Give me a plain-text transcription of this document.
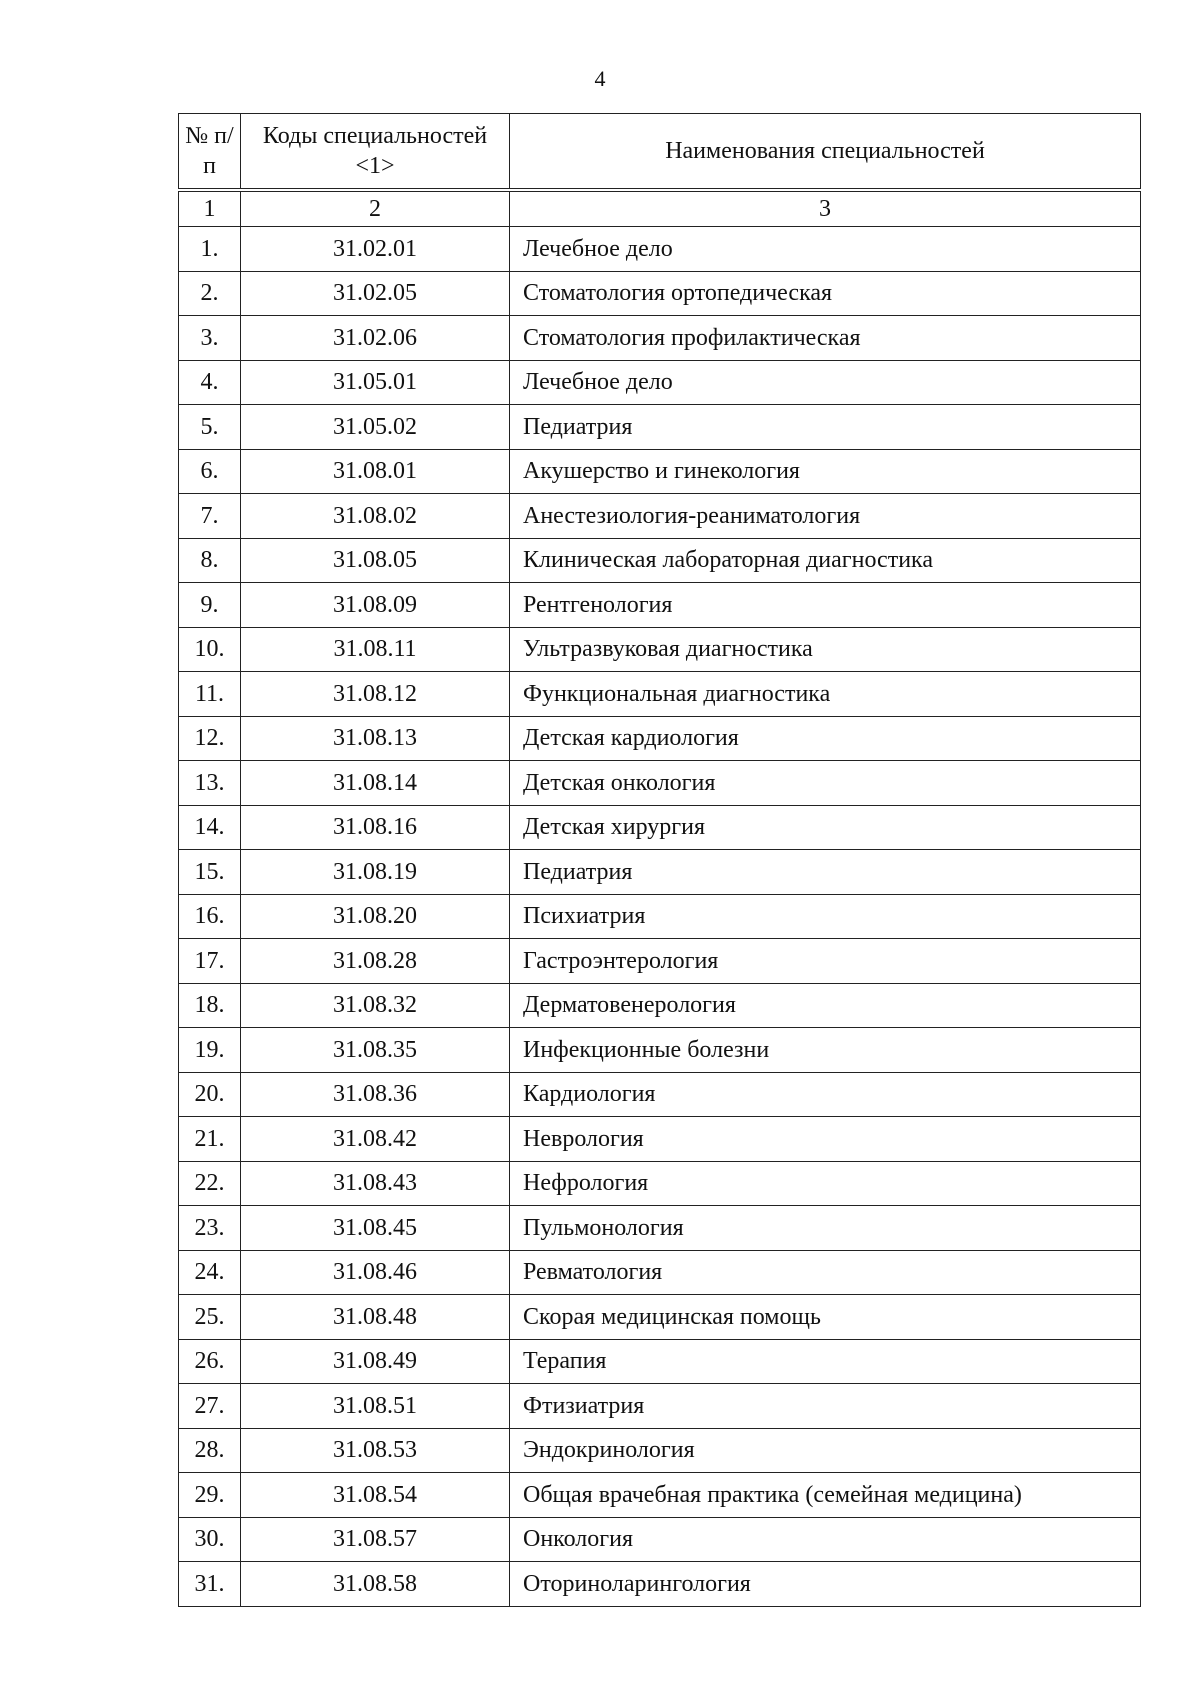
4
№ п/п	Коды специальностей <1>	Наименования специальностей
1	2	3
1.	31.02.01	Лечебное дело
2.	31.02.05	Стоматология ортопедическая
3.	31.02.06	Стоматология профилактическая
4.	31.05.01	Лечебное дело
5.	31.05.02	Педиатрия
6.	31.08.01	Акушерство и гинекология
7.	31.08.02	Анестезиология-реаниматология
8.	31.08.05	Клиническая лабораторная диагностика
9.	31.08.09	Рентгенология
10.	31.08.11	Ультразвуковая диагностика
11.	31.08.12	Функциональная диагностика
12.	31.08.13	Детская кардиология
13.	31.08.14	Детская онкология
14.	31.08.16	Детская хирургия
15.	31.08.19	Педиатрия
16.	31.08.20	Психиатрия
17.	31.08.28	Гастроэнтерология
18.	31.08.32	Дерматовенерология
19.	31.08.35	Инфекционные болезни
20.	31.08.36	Кардиология
21.	31.08.42	Неврология
22.	31.08.43	Нефрология
23.	31.08.45	Пульмонология
24.	31.08.46	Ревматология
25.	31.08.48	Скорая медицинская помощь
26.	31.08.49	Терапия
27.	31.08.51	Фтизиатрия
28.	31.08.53	Эндокринология
29.	31.08.54	Общая врачебная практика (семейная медицина)
30.	31.08.57	Онкология
31.	31.08.58	Оториноларингология
